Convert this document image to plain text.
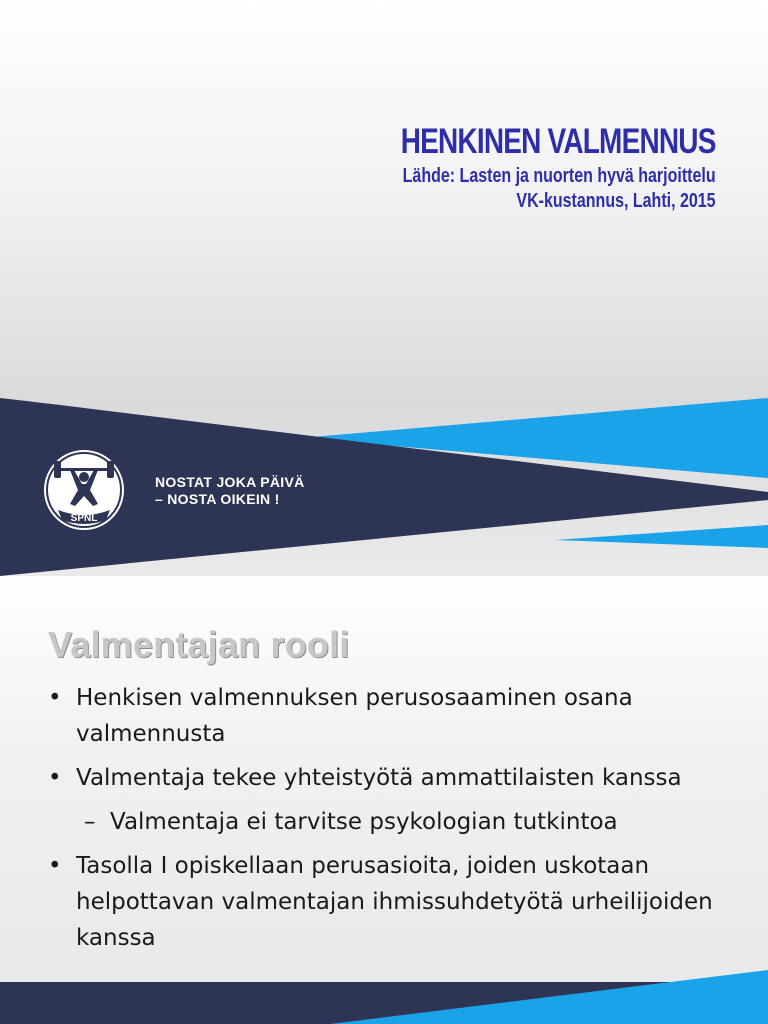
HENKINEN VALMENNUS
Lähde: Lasten ja nuorten hyvä harjoittelu
VK-kustannus, Lahti, 2015
SPNL
NOSTAT JOKA PÄIVÄ
– NOSTA OIKEIN !
Valmentajan rooli
• Henkisen valmennuksen perusosaaminen osana valmennusta
• Valmentaja tekee yhteistyötä ammattilaisten kanssa
– Valmentaja ei tarvitse psykologian tutkintoa
• Tasolla I opiskellaan perusasioita, joiden uskotaan helpottavan valmentajan ihmissuhdetyötä urheilijoiden kanssa
